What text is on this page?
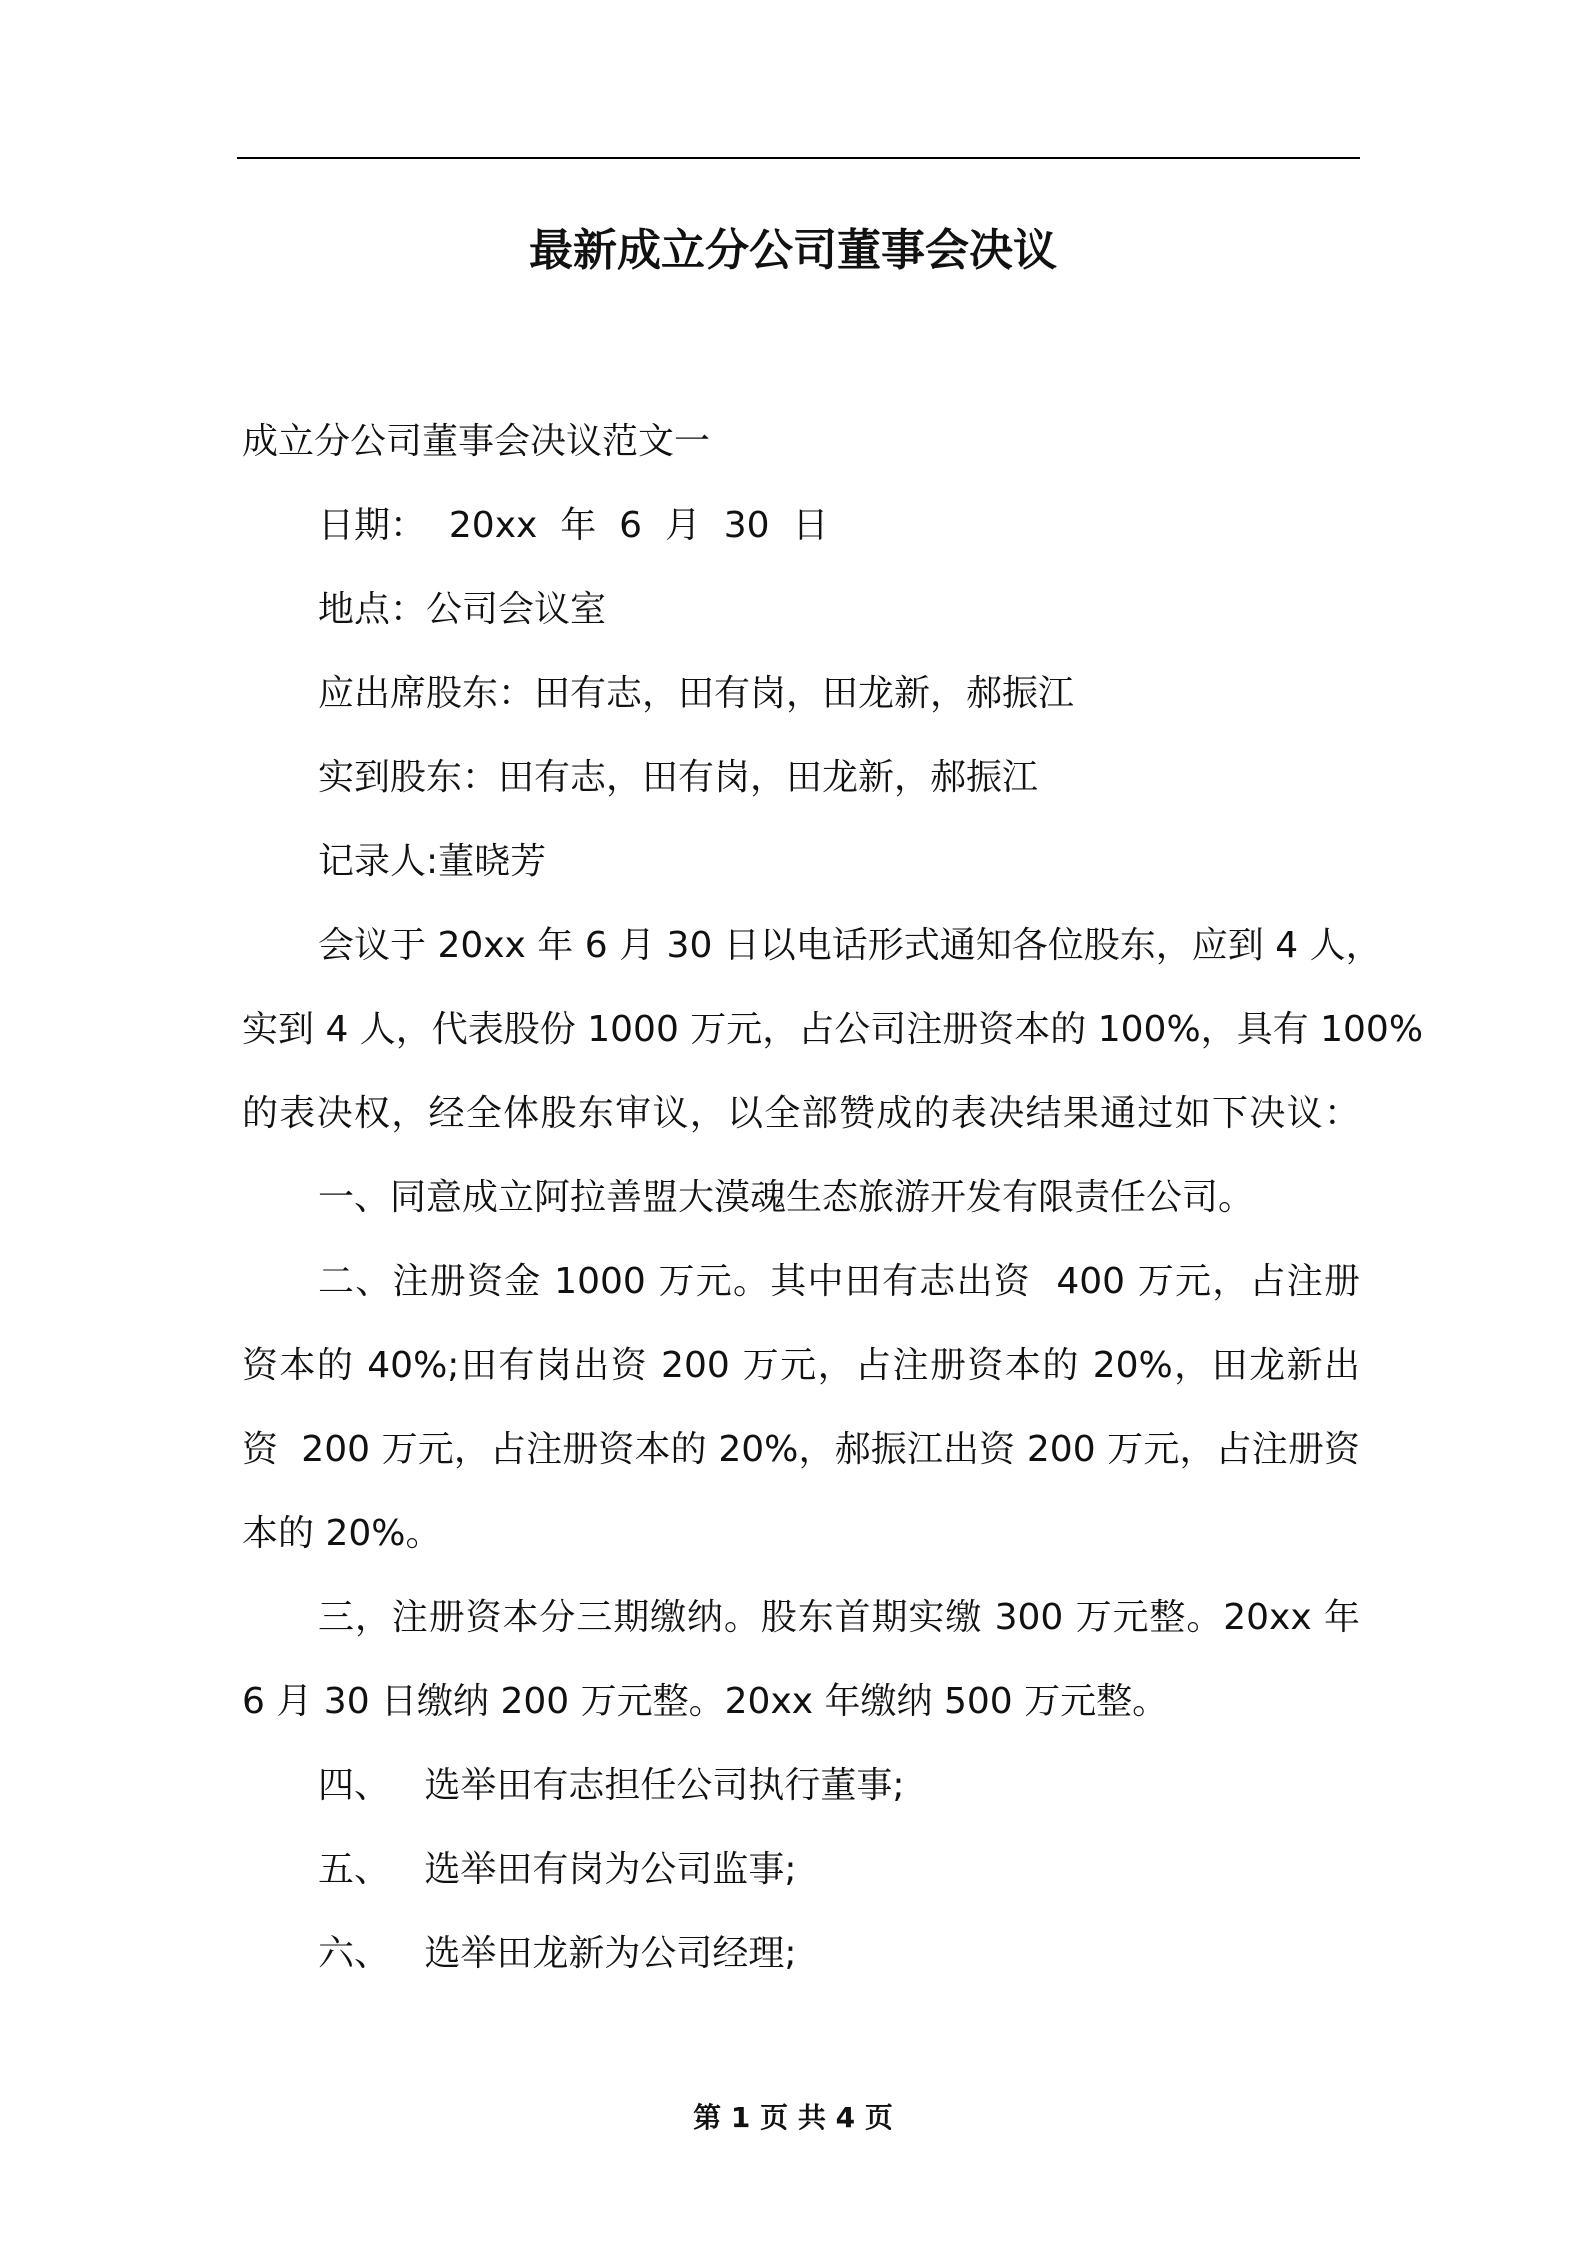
最新成立分公司董事会决议

成立分公司董事会决议范文一

日期：  20xx  年  6  月  30  日

地点：公司会议室

应出席股东：田有志，田有岗，田龙新，郝振江

实到股东：田有志，田有岗，田龙新，郝振江

记录人:董晓芳

会议于 20xx 年 6 月 30 日以电话形式通知各位股东，应到 4 人，

实到 4 人，代表股份 1000 万元，占公司注册资本的 100%，具有 100%

的表决权，经全体股东审议，以全部赞成的表决结果通过如下决议：

一、同意成立阿拉善盟大漠魂生态旅游开发有限责任公司。

二、注册资金 1000 万元。其中田有志出资  400 万元，占注册

资本的 40%;田有岗出资 200 万元，占注册资本的 20%，田龙新出

资  200 万元，占注册资本的 20%，郝振江出资 200 万元，占注册资

本的 20%。

三，注册资本分三期缴纳。股东首期实缴 300 万元整。20xx 年

6 月 30 日缴纳 200 万元整。20xx 年缴纳 500 万元整。

四、   选举田有志担任公司执行董事;

五、   选举田有岗为公司监事;

六、   选举田龙新为公司经理;

第 1 页 共 4 页
